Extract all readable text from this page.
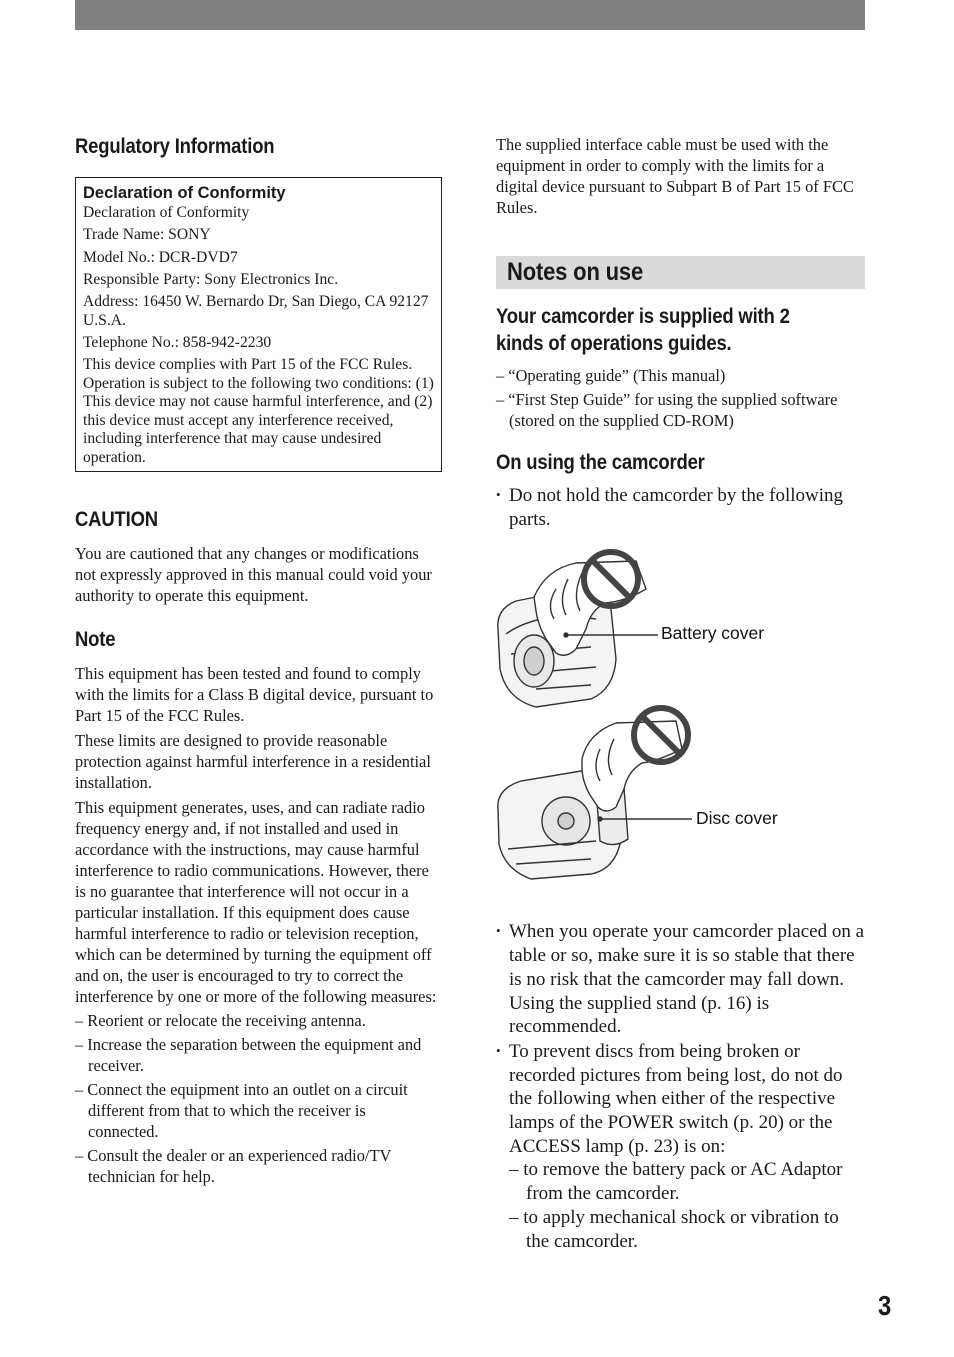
Regulatory Information
Declaration of Conformity

Declaration of Conformity

Trade Name: SONY

Model No.: DCR-DVD7

Responsible Party: Sony Electronics Inc.

Address: 16450 W. Bernardo Dr, San Diego, CA 92127 U.S.A.

Telephone No.: 858-942-2230

This device complies with Part 15 of the FCC Rules. Operation is subject to the following two conditions: (1) This device may not cause harmful interference, and (2) this device must accept any interference received, including interference that may cause undesired operation.

CAUTION

You are cautioned that any changes or modifications not expressly approved in this manual could void your authority to operate this equipment.

Note

This equipment has been tested and found to comply with the limits for a Class B digital device, pursuant to Part 15 of the FCC Rules.

These limits are designed to provide reasonable protection against harmful interference in a residential installation.

This equipment generates, uses, and can radiate radio frequency energy and, if not installed and used in accordance with the instructions, may cause harmful interference to radio communications. However, there is no guarantee that interference will not occur in a particular installation. If this equipment does cause harmful interference to radio or television reception, which can be determined by turning the equipment off and on, the user is encouraged to try to correct the interference by one or more of the following measures:

– Reorient or relocate the receiving antenna.
– Increase the separation between the equipment and receiver.
– Connect the equipment into an outlet on a circuit different from that to which the receiver is connected.
– Consult the dealer or an experienced radio/TV technician for help.

The supplied interface cable must be used with the equipment in order to comply with the limits for a digital device pursuant to Subpart B of Part 15 of FCC Rules.

Notes on use
Your camcorder is supplied with 2
kinds of operations guides.
– “Operating guide” (This manual)
– “First Step Guide” for using the supplied software (stored on the supplied CD-ROM)
On using the camcorder
• Do not hold the camcorder by the following parts.
Battery cover
Disc cover
• When you operate your camcorder placed on a table or so, make sure it is so stable that there is no risk that the camcorder may fall down. Using the supplied stand (p. 16) is recommended.
• To prevent discs from being broken or recorded pictures from being lost, do not do the following when either of the respective lamps of the POWER switch (p. 20) or the ACCESS lamp (p. 23) is on:
– to remove the battery pack or AC Adaptor from the camcorder.
– to apply mechanical shock or vibration to the camcorder.
3
